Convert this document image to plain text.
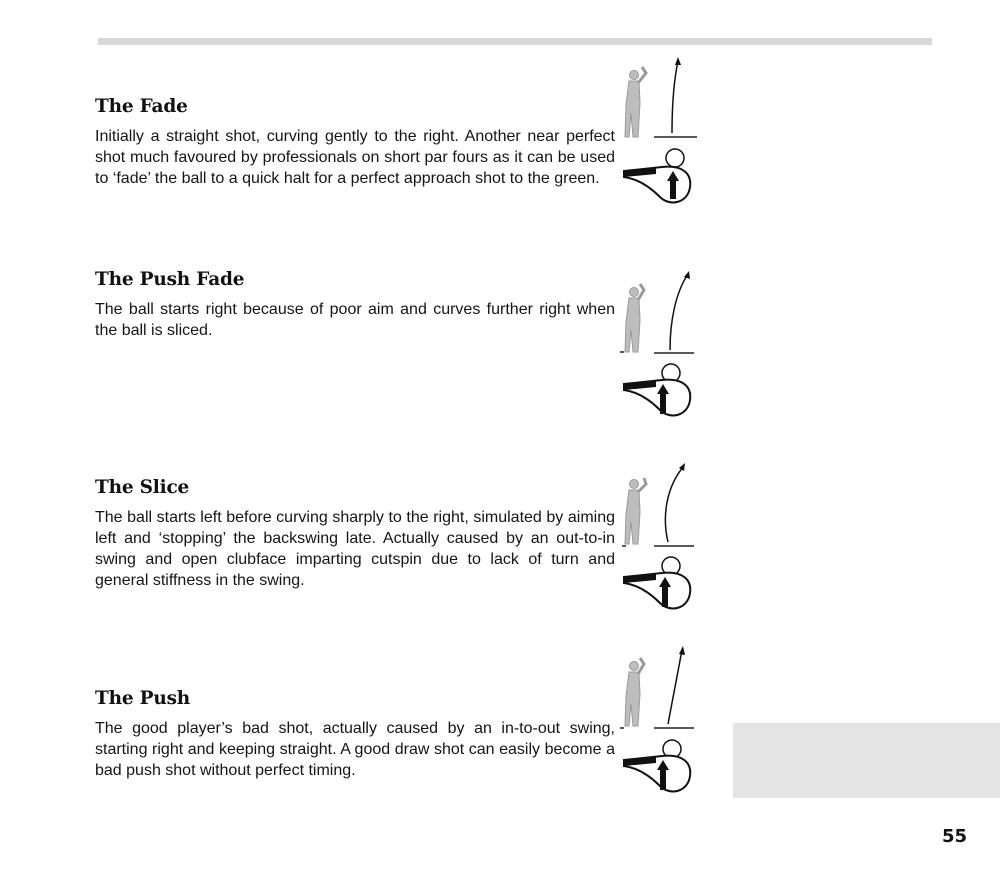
The Fade

Initially a straight shot, curving gently to the right. Another near perfect shot much favoured by professionals on short par fours as it can be used to ‘fade’ the ball to a quick halt for a perfect approach shot to the green.

The Push Fade

The ball starts right because of poor aim and curves further right when the ball is sliced.

The Slice

The ball starts left before curving sharply to the right, simulated by aiming left and ‘stopping’ the backswing late. Actually caused by an out-to-in swing and open clubface imparting cutspin due to lack of turn and general stiffness in the swing.

The Push

The good player’s bad shot, actually caused by an in-to-out swing, starting right and keeping straight. A good draw shot can easily become a bad push shot without perfect timing.

55
